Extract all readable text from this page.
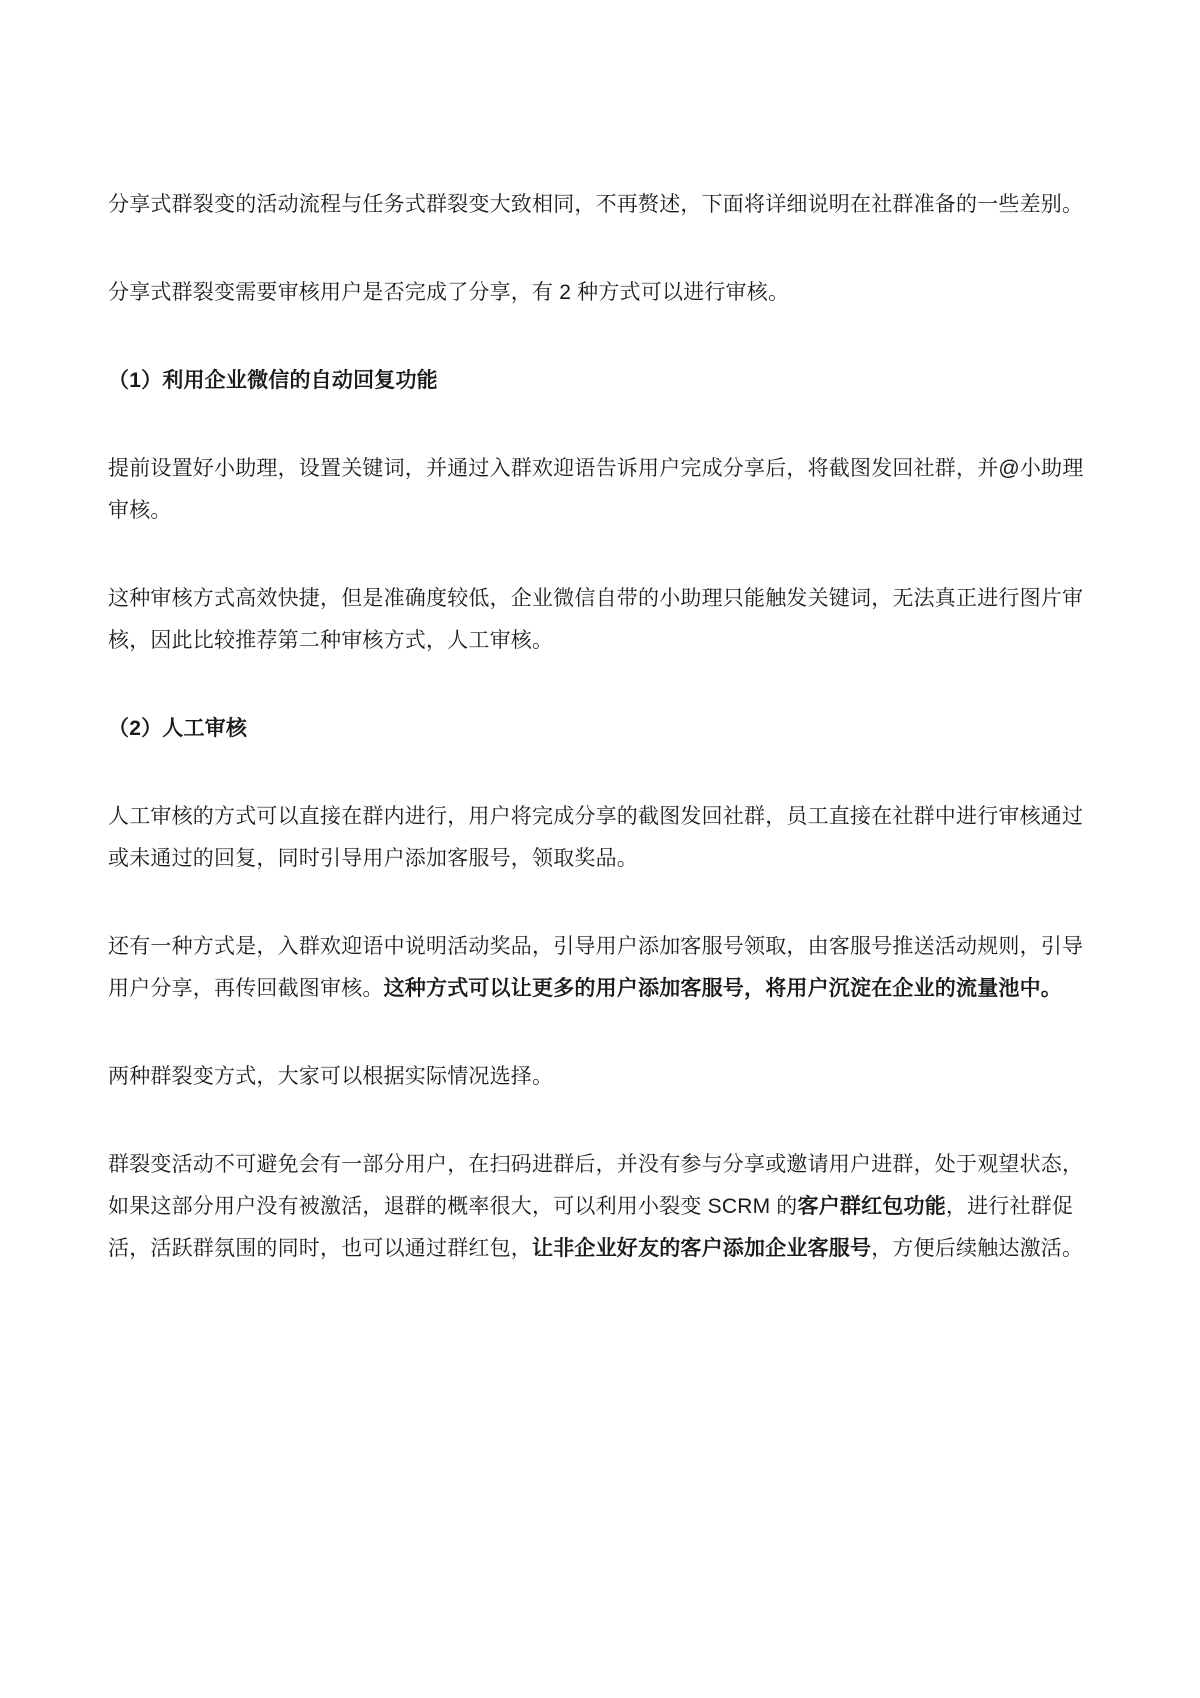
分享式群裂变的活动流程与任务式群裂变大致相同，不再赘述，下面将详细说明在社群准备的一些差别。

分享式群裂变需要审核用户是否完成了分享，有 2 种方式可以进行审核。

（1）利用企业微信的自动回复功能

提前设置好小助理，设置关键词，并通过入群欢迎语告诉用户完成分享后，将截图发回社群，并@小助理审核。

这种审核方式高效快捷，但是准确度较低，企业微信自带的小助理只能触发关键词，无法真正进行图片审核，因此比较推荐第二种审核方式，人工审核。

（2）人工审核

人工审核的方式可以直接在群内进行，用户将完成分享的截图发回社群，员工直接在社群中进行审核通过或未通过的回复，同时引导用户添加客服号，领取奖品。

还有一种方式是，入群欢迎语中说明活动奖品，引导用户添加客服号领取，由客服号推送活动规则，引导用户分享，再传回截图审核。这种方式可以让更多的用户添加客服号，将用户沉淀在企业的流量池中。

两种群裂变方式，大家可以根据实际情况选择。

群裂变活动不可避免会有一部分用户，在扫码进群后，并没有参与分享或邀请用户进群，处于观望状态，如果这部分用户没有被激活，退群的概率很大，可以利用小裂变 SCRM 的客户群红包功能，进行社群促活，活跃群氛围的同时，也可以通过群红包，让非企业好友的客户添加企业客服号，方便后续触达激活。
